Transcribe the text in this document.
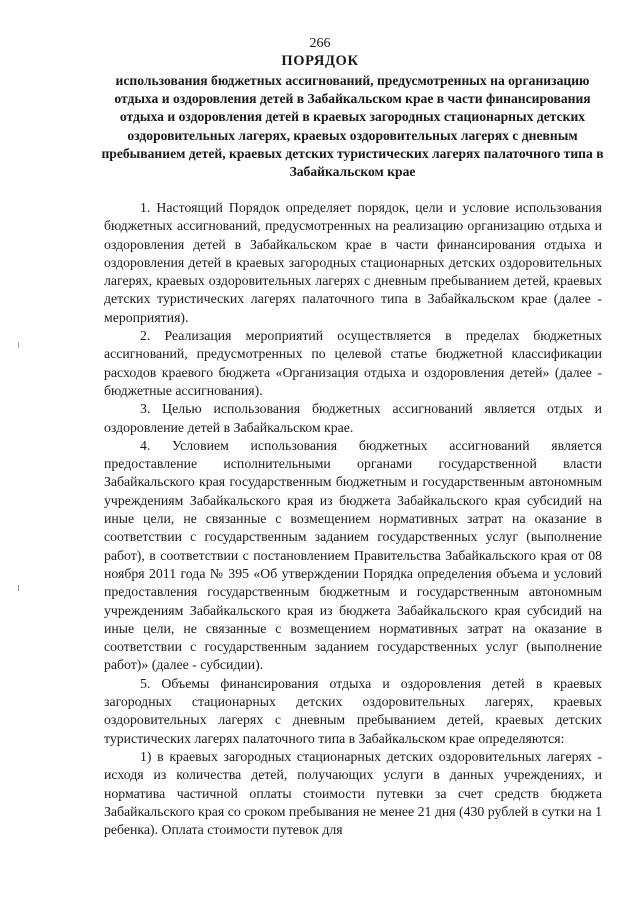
266
ПОРЯДОК
использования бюджетных ассигнований, предусмотренных на организацию отдыха и оздоровления детей в Забайкальском крае в части финансирования отдыха и оздоровления детей в краевых загородных стационарных детских оздоровительных лагерях, краевых оздоровительных лагерях с дневным пребыванием детей, краевых детских туристических лагерях палаточного типа в Забайкальском крае

1. Настоящий Порядок определяет порядок, цели и условие использования бюджетных ассигнований, предусмотренных на реализацию организацию отдыха и оздоровления детей в Забайкальском крае в части финансирования отдыха и оздоровления детей в краевых загородных стационарных детских оздоровительных лагерях, краевых оздоровительных лагерях с дневным пребыванием детей, краевых детских туристических лагерях палаточного типа в Забайкальском крае (далее - мероприятия).

2. Реализация мероприятий осуществляется в пределах бюджетных ассигнований, предусмотренных по целевой статье бюджетной классификации расходов краевого бюджета «Организация отдыха и оздоровления детей» (далее - бюджетные ассигнования).

3. Целью использования бюджетных ассигнований является отдых и оздоровление детей в Забайкальском крае.

4. Условием использования бюджетных ассигнований является предоставление исполнительными органами государственной власти Забайкальского края государственным бюджетным и государственным автономным учреждениям Забайкальского края из бюджета Забайкальского края субсидий на иные цели, не связанные с возмещением нормативных затрат на оказание в соответствии с государственным заданием государственных услуг (выполнение работ), в соответствии с постановлением Правительства Забайкальского края от 08 ноября 2011 года № 395 «Об утверждении Порядка определения объема и условий предоставления государственным бюджетным и государственным автономным учреждениям Забайкальского края из бюджета Забайкальского края субсидий на иные цели, не связанные с возмещением нормативных затрат на оказание в соответствии с государственным заданием государственных услуг (выполнение работ)» (далее - субсидии).

5. Объемы финансирования отдыха и оздоровления детей в краевых загородных стационарных детских оздоровительных лагерях, краевых оздоровительных лагерях с дневным пребыванием детей, краевых детских туристических лагерях палаточного типа в Забайкальском крае определяются:

1) в краевых загородных стационарных детских оздоровительных лагерях - исходя из количества детей, получающих услуги в данных учреждениях, и норматива частичной оплаты стоимости путевки за счет средств бюджета Забайкальского края со сроком пребывания не менее 21 дня (430 рублей в сутки на 1 ребенка). Оплата стоимости путевок для
